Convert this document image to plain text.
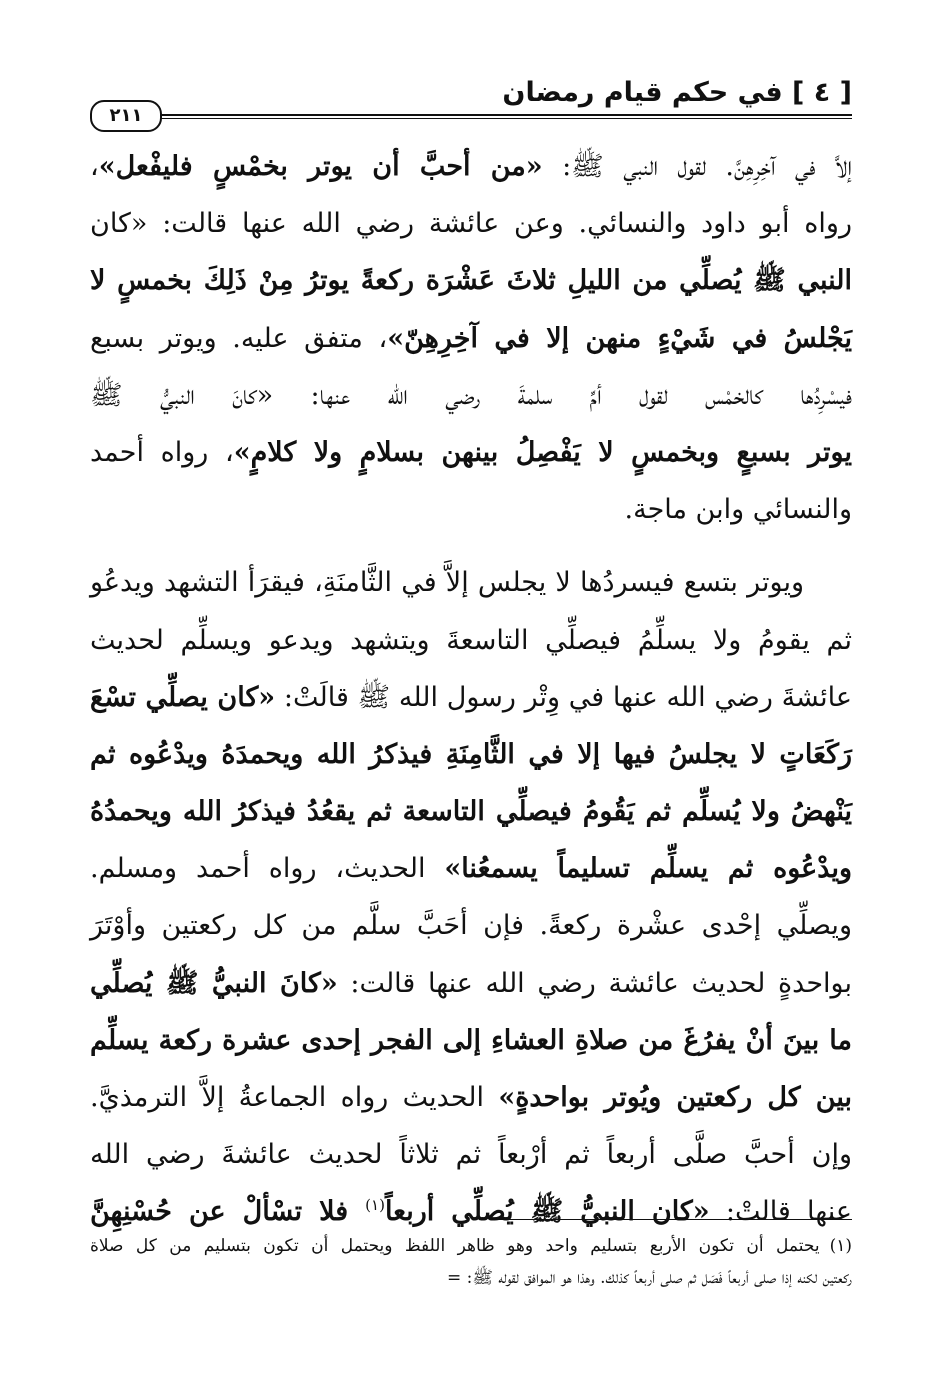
[ ٤ ] في حكم قيام رمضان
٢١١
إلاَّ في آخِرِهِنَّ. لقول النبي ﷺ: «من أحبَّ أن يوتر بخمْسٍ فليفْعل»،
رواه أبو داود والنسائي. وعن عائشة رضي الله عنها قالت: «كان
النبي ﷺ يُصلِّي من الليلِ ثلاثَ عَشْرَة ركعةً يوترُ مِنْ ذَلِكَ بخمسٍ لا
يَجْلسُ في شَيْءٍ منهن إلا في آخِرِهِنّ»، متفق عليه. ويوتر بسبع
فيسْرِدُها كالخمْس لقول أمِّ سلمةَ رضي الله عنها: «كانَ النبيُّ ﷺ
يوتر بسبعٍ وبخمسٍ لا يَفْصِلُ بينهن بسلامٍ ولا كلامٍ»، رواه أحمد
والنسائي وابن ماجة.
ويوتر بتسع فيسردُها لا يجلس إلاَّ في الثَّامنَةِ، فيقرَأ التشهد ويدعُو
ثم يقومُ ولا يسلِّمُ فيصلِّي التاسعةَ ويتشهد ويدعو ويسلِّم لحديث
عائشةَ رضي الله عنها في وِتْر رسول الله ﷺ قالَتْ: «كان يصلِّي تسْعَ
رَكَعَاتٍ لا يجلسُ فيها إلا في الثَّامِنَةِ فيذكرُ الله ويحمدَهُ ويدْعُوه ثم
يَنْهضُ ولا يُسلِّم ثم يَقُومُ فيصلِّي التاسعة ثم يقعُدُ فيذكرُ الله ويحمدُهُ
ويدْعُوه ثم يسلِّم تسليماً يسمعُنا» الحديث، رواه أحمد ومسلم.
ويصلِّي إحْدى عشْرة ركعةً. فإن أحَبَّ سلَّم من كل ركعتين وأوْتَرَ
بواحدةٍ لحديث عائشة رضي الله عنها قالت: «كانَ النبيُّ ﷺ يُصلِّي
ما بينَ أنْ يفرُغَ من صلاةِ العشاءِ إلى الفجر إحدى عشرة ركعة يسلِّم
بين كل ركعتين ويُوتر بواحدةٍ» الحديث رواه الجماعةُ إلاَّ الترمذيَّ.
وإن أحبَّ صلَّى أربعاً ثم أرْبعاً ثم ثلاثاً لحديث عائشةَ رضي الله
عنها قالتْ: «كان النبيُّ ﷺ يُصلِّي أربعاً$^{(١)}$ فلا تسْألْ عن حُسْنِهِنَّ
(١)يحتمل أن تكون الأربع بتسليم واحد وهو ظاهر اللفظ ويحتمل أن تكون بتسليم من كل صلاة
ركعتين لكنه إذا صلى أربعاً فَصَل ثم صلى أربعاً كذلك. وهذا هو الموافق لقوله ﷺ: =
